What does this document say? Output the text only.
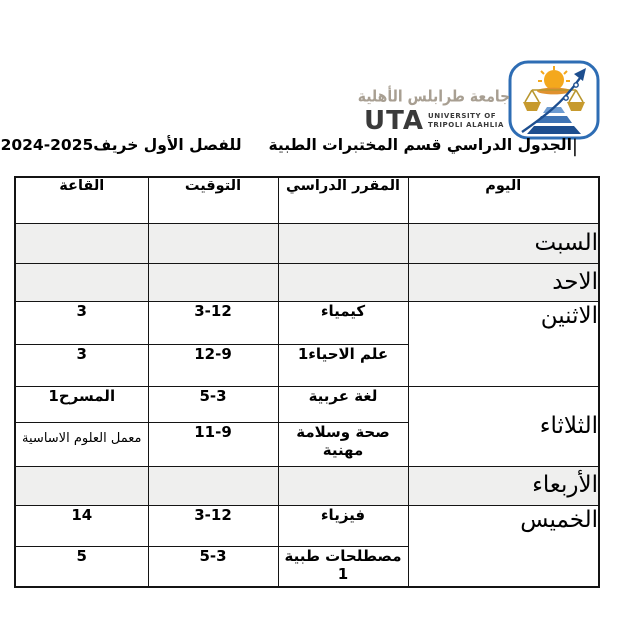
جامعة طرابلس الأهلية
UTA UNIVERSITY OF
TRIPOLI ALAHLIA
|الجدول الدراسي قسم المختبرات الطبية     للفصل الأول خريف2025-2024
القاعة	التوقيت	المقرر الدراسي	اليوم
			السبت
			الاحد
3	3-12	كيمياء	الاثنين
3	12-9	علم الاحياء1	
المسرح1	5-3	لغة عربية	الثلاثاء
معمل العلوم الاساسية	11-9	صحة وسلامة مهنية	
			الأربعاء
14	3-12	فيزياء	الخميس
5	5-3	مصطلحات طبية 1	
